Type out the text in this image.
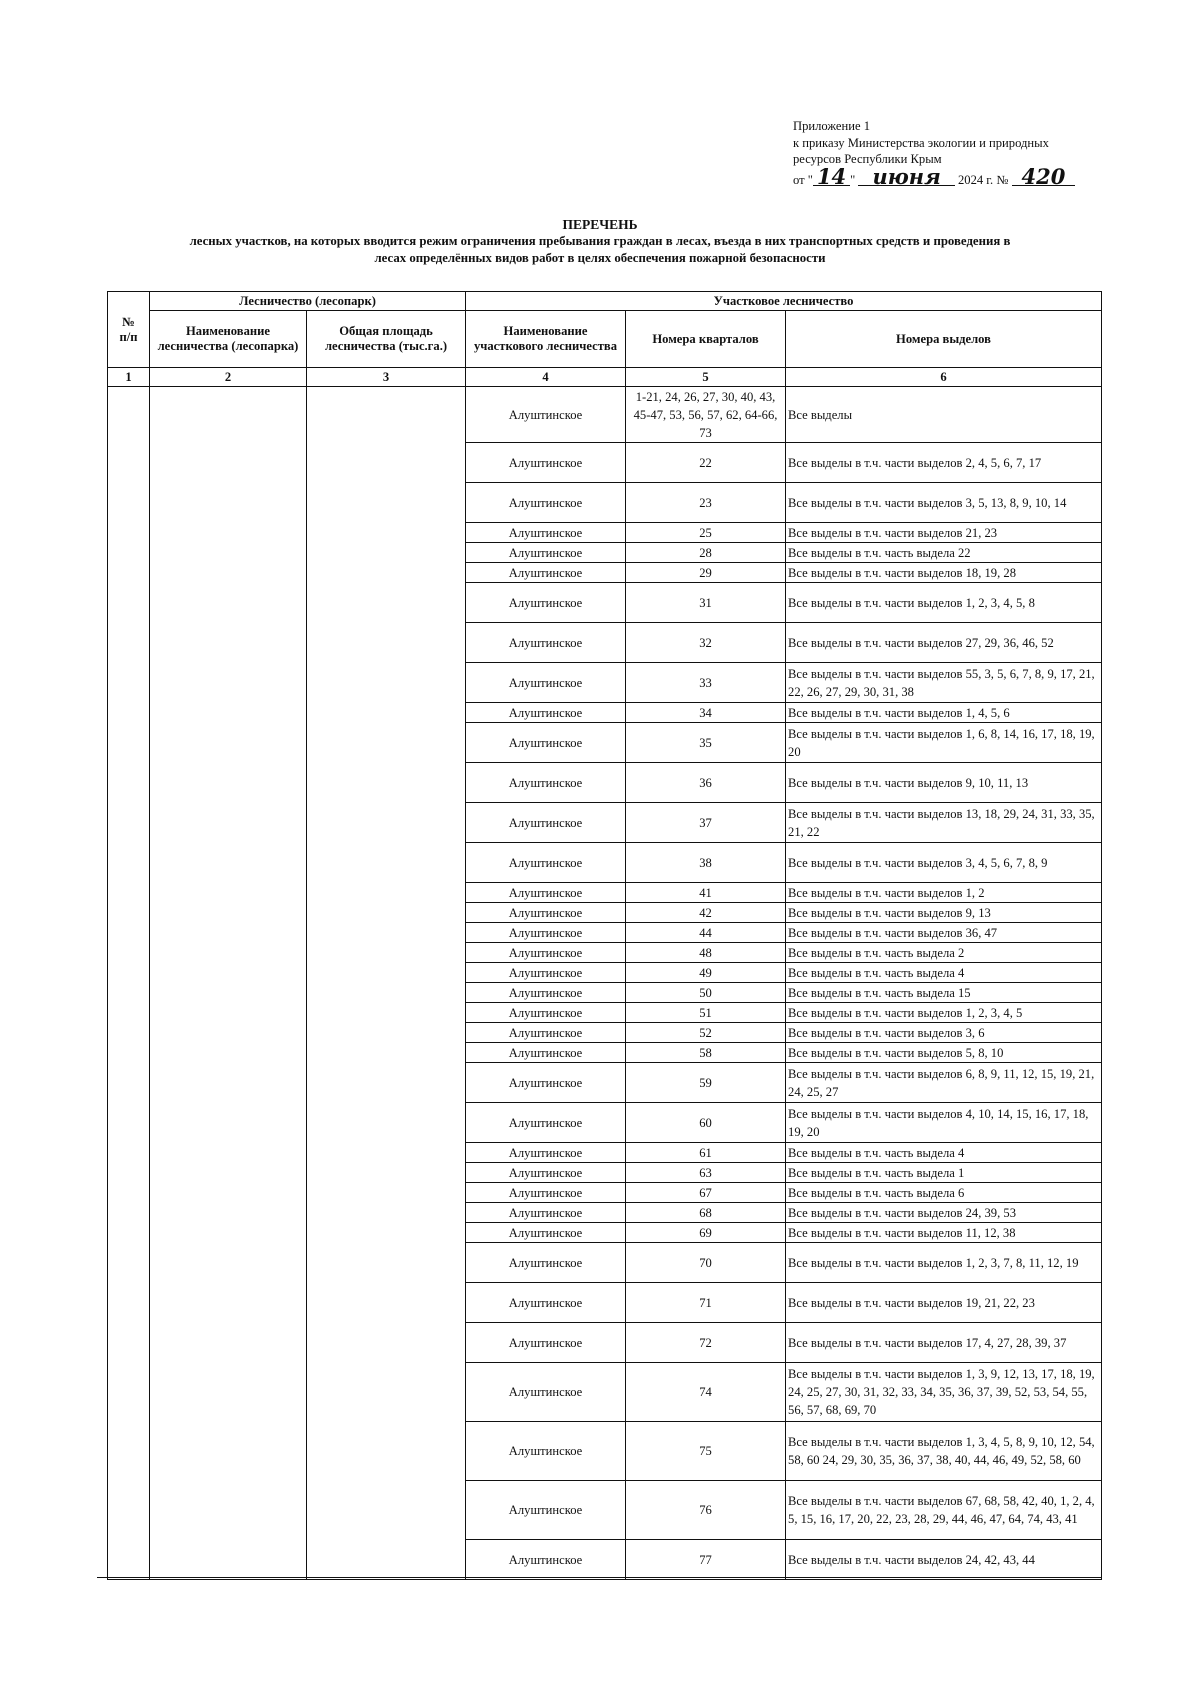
Приложение 1
к приказу Министерства экологии и природных
ресурсов Республики Крым
от " 14 " июня 2024 г. № 420
ПЕРЕЧЕНЬ
лесных участков, на которых вводится режим ограничения пребывания граждан в лесах, въезда в них транспортных средств и проведения в
лесах определённых видов работ в целях обеспечения пожарной безопасности
№
п/п	Лесничество (лесопарк)		Участковое лесничество		
	Наименование лесничества (лесопарка)	Общая площадь лесничества (тыс.га.)	Наименование участкового лесничества	Номера кварталов	Номера выделов
1	2	3	4	5	6
			Алуштинское	1-21, 24, 26, 27, 30, 40, 43, 45-47, 53, 56, 57, 62, 64-66, 73	Все выделы
			Алуштинское	22	Все выделы в т.ч. части выделов 2, 4, 5, 6, 7, 17
			Алуштинское	23	Все выделы в т.ч. части выделов 3, 5, 13, 8, 9, 10, 14
			Алуштинское	25	Все выделы в т.ч. части выделов 21, 23
			Алуштинское	28	Все выделы в т.ч. часть выдела 22
			Алуштинское	29	Все выделы в т.ч. части выделов 18, 19, 28
			Алуштинское	31	Все выделы в т.ч. части выделов 1, 2, 3, 4, 5, 8
			Алуштинское	32	Все выделы в т.ч. части выделов 27, 29, 36, 46, 52
			Алуштинское	33	Все выделы в т.ч. части выделов 55, 3, 5, 6, 7, 8, 9, 17, 21, 22, 26, 27, 29, 30, 31, 38
			Алуштинское	34	Все выделы в т.ч. части выделов 1, 4, 5, 6
			Алуштинское	35	Все выделы в т.ч. части выделов 1, 6, 8, 14, 16, 17, 18, 19, 20
			Алуштинское	36	Все выделы в т.ч. части выделов 9, 10, 11, 13
			Алуштинское	37	Все выделы в т.ч. части выделов 13, 18, 29, 24, 31, 33, 35, 21, 22
			Алуштинское	38	Все выделы в т.ч. части выделов 3, 4, 5, 6, 7, 8, 9
			Алуштинское	41	Все выделы в т.ч. части выделов 1, 2
			Алуштинское	42	Все выделы в т.ч. части выделов 9, 13
			Алуштинское	44	Все выделы в т.ч. части выделов 36, 47
			Алуштинское	48	Все выделы в т.ч. часть выдела 2
			Алуштинское	49	Все выделы в т.ч. часть выдела 4
			Алуштинское	50	Все выделы в т.ч. часть выдела 15
			Алуштинское	51	Все выделы в т.ч. части выделов 1, 2, 3, 4, 5
			Алуштинское	52	Все выделы в т.ч. части выделов 3, 6
			Алуштинское	58	Все выделы в т.ч. части выделов 5, 8, 10
			Алуштинское	59	Все выделы в т.ч. части выделов 6, 8, 9, 11, 12, 15, 19, 21, 24, 25, 27
			Алуштинское	60	Все выделы в т.ч. части выделов 4, 10, 14, 15, 16, 17, 18, 19, 20
			Алуштинское	61	Все выделы в т.ч. часть выдела 4
			Алуштинское	63	Все выделы в т.ч. часть выдела 1
			Алуштинское	67	Все выделы в т.ч. часть выдела 6
			Алуштинское	68	Все выделы в т.ч. части выделов 24, 39, 53
			Алуштинское	69	Все выделы в т.ч. части выделов 11, 12, 38
			Алуштинское	70	Все выделы в т.ч. части выделов 1, 2, 3, 7, 8, 11, 12, 19
			Алуштинское	71	Все выделы в т.ч. части выделов 19, 21, 22, 23
			Алуштинское	72	Все выделы в т.ч. части выделов 17, 4, 27, 28, 39, 37
			Алуштинское	74	Все выделы в т.ч. части выделов 1, 3, 9, 12, 13, 17, 18, 19, 24, 25, 27, 30, 31, 32, 33, 34, 35, 36, 37, 39, 52, 53, 54, 55, 56, 57, 68, 69, 70
			Алуштинское	75	Все выделы в т.ч. части выделов 1, 3, 4, 5, 8, 9, 10, 12, 54, 58, 60 24, 29, 30, 35, 36, 37, 38, 40, 44, 46, 49, 52, 58, 60
			Алуштинское	76	Все выделы в т.ч. части выделов 67, 68, 58, 42, 40, 1, 2, 4, 5, 15, 16, 17, 20, 22, 23, 28, 29, 44, 46, 47, 64, 74, 43, 41
			Алуштинское	77	Все выделы в т.ч. части выделов 24, 42, 43, 44
